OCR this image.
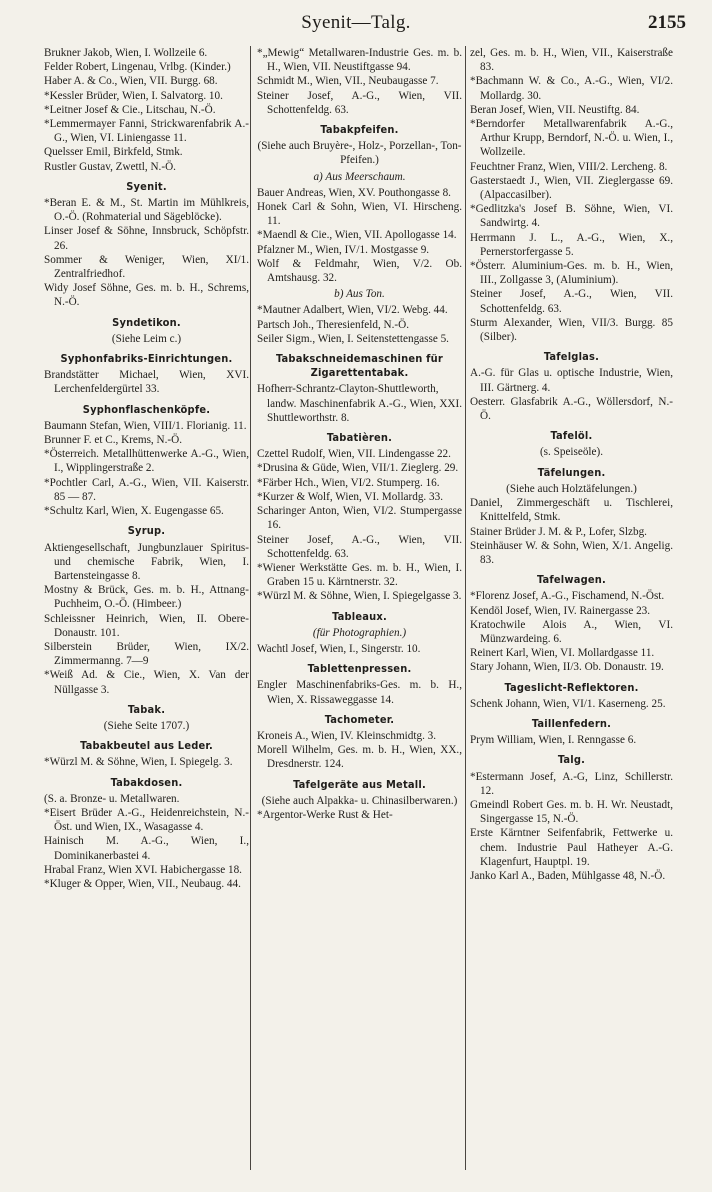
Syenit—Talg.	2155
Brukner Jakob, Wien, I. Wollzeile 6.
Felder Robert, Lingenau, Vrlbg. (Kinder.)
Haber A. & Co., Wien, VII. Burgg. 68.
*Kessler Brüder, Wien, I. Salvatorg. 10.
*Leitner Josef & Cie., Litschau, N.-Ö.
*Lemmermayer Fanni, Strickwarenfabrik A.-G., Wien, VI. Liniengasse 11.
Quelsser Emil, Birkfeld, Stmk.
Rustler Gustav, Zwettl, N.-Ö.
Syenit.
*Beran E. & M., St. Martin im Mühlkreis, O.-Ö. (Rohmaterial und Sägeblöcke).
Linser Josef & Söhne, Innsbruck, Schöpfstr. 26.
Sommer & Weniger, Wien, XI/1. Zentralfriedhof.
Widy Josef Söhne, Ges. m. b. H., Schrems, N.-Ö.
Syndetikon.
(Siehe Leim c.)
Syphonfabriks-Einrichtungen.
Brandstätter Michael, Wien, XVI. Lerchenfeldergürtel 33.
Syphonflaschenköpfe.
Baumann Stefan, Wien, VIII/1. Florianig. 11.
Brunner F. et C., Krems, N.-Ö.
*Österreich. Metallhüttenwerke A.-G., Wien, I., Wipplingerstraße 2.
*Pochtler Carl, A.-G., Wien, VII. Kaiserstr. 85 — 87.
*Schultz Karl, Wien, X. Eugengasse 65.
Syrup.
Aktiengesellschaft, Jungbunzlauer Spiritus- und chemische Fabrik, Wien, I. Bartensteingasse 8.
Mostny & Brück, Ges. m. b. H., Attnang-Puchheim, O.-Ö. (Himbeer.)
Schleissner Heinrich, Wien, II. Obere-Donaustr. 101.
Silberstein Brüder, Wien, IX/2. Zimmermanng. 7—9
*Weiß Ad. & Cie., Wien, X. Van der Nüllgasse 3.
Tabak.
(Siehe Seite 1707.)
Tabakbeutel aus Leder.
*Würzl M. & Söhne, Wien, I. Spiegelg. 3.
Tabakdosen.
(S. a. Bronze- u. Metallwaren.
*Eisert Brüder A.-G., Heidenreichstein, N.-Öst. und Wien, IX., Wasagasse 4.
Hainisch M. A.-G., Wien, I., Dominikanerbastei 4.
Hrabal Franz, Wien XVI. Habichergasse 18.
*Kluger & Opper, Wien, VII., Neubaug. 44.
*„Mewig“ Metallwaren-Industrie Ges. m. b. H., Wien, VII. Neustiftgasse 94.
Schmidt M., Wien, VII., Neubaugasse 7.
Steiner Josef, A.-G., Wien, VII. Schottenfeldg. 63.
Tabakpfeifen.
(Siehe auch Bruyère-, Holz-, Porzellan-, Ton-Pfeifen.)
a) Aus Meerschaum.
Bauer Andreas, Wien, XV. Pouthongasse 8.
Honek Carl & Sohn, Wien, VI. Hirscheng. 11.
*Maendl & Cie., Wien, VII. Apollogasse 14.
Pfalzner M., Wien, IV/1. Mostgasse 9.
Wolf & Feldmahr, Wien, V/2. Ob. Amtshausg. 32.
b) Aus Ton.
*Mautner Adalbert, Wien, VI/2. Webg. 44.
Partsch Joh., Theresienfeld, N.-Ö.
Seiler Sigm., Wien, I. Seitenstettengasse 5.
Tabakschneidemaschinen für Zigarettentabak.
Hofherr-Schrantz-Clayton-Shuttleworth, landw. Maschinenfabrik A.-G., Wien, XXI. Shuttleworthstr. 8.
Tabatièren.
Czettel Rudolf, Wien, VII. Lindengasse 22.
*Drusina & Güde, Wien, VII/1. Zieglerg. 29.
*Färber Hch., Wien, VI/2. Stumperg. 16.
*Kurzer & Wolf, Wien, VI. Mollardg. 33.
Scharinger Anton, Wien, VI/2. Stumpergasse 16.
Steiner Josef, A.-G., Wien, VII. Schottenfeldg. 63.
*Wiener Werkstätte Ges. m. b. H., Wien, I. Graben 15 u. Kärntnerstr. 32.
*Würzl M. & Söhne, Wien, I. Spiegelgasse 3.
Tableaux.
(für Photographien.)
Wachtl Josef, Wien, I., Singerstr. 10.
Tablettenpressen.
Engler Maschinenfabriks-Ges. m. b. H., Wien, X. Rissaweggasse 14.
Tachometer.
Kroneis A., Wien, IV. Kleinschmidtg. 3.
Morell Wilhelm, Ges. m. b. H., Wien, XX., Dresdnerstr. 124.
Tafelgeräte aus Metall.
(Siehe auch Alpakka- u. Chinasilberwaren.)
*Argentor-Werke Rust & Het-
zel, Ges. m. b. H., Wien, VII., Kaiserstraße 83.
*Bachmann W. & Co., A.-G., Wien, VI/2. Mollardg. 30.
Beran Josef, Wien, VII. Neustiftg. 84.
*Berndorfer Metallwarenfabrik A.-G., Arthur Krupp, Berndorf, N.-Ö. u. Wien, I., Wollzeile.
Feuchtner Franz, Wien, VIII/2. Lercheng. 8.
Gasterstaedt J., Wien, VII. Zieglergasse 69. (Alpaccasilber).
*Gedlitzka's Josef B. Söhne, Wien, VI. Sandwirtg. 4.
Herrmann J. L., A.-G., Wien, X., Pernerstorfergasse 5.
*Österr. Aluminium-Ges. m. b. H., Wien, III., Zollgasse 3, (Aluminium).
Steiner Josef, A.-G., Wien, VII. Schottenfeldg. 63.
Sturm Alexander, Wien, VII/3. Burgg. 85 (Silber).
Tafelglas.
A.-G. für Glas u. optische Industrie, Wien, III. Gärtnerg. 4.
Oesterr. Glasfabrik A.-G., Wöllersdorf, N.-Ö.
Tafelöl.
(s. Speiseöle).
Täfelungen.
(Siehe auch Holztäfelungen.)
Daniel, Zimmergeschäft u. Tischlerei, Knittelfeld, Stmk.
Stainer Brüder J. M. & P., Lofer, Slzbg.
Steinhäuser W. & Sohn, Wien, X/1. Angelig. 83.
Tafelwagen.
*Florenz Josef, A.-G., Fischamend, N.-Öst.
Kendöl Josef, Wien, IV. Rainergasse 23.
Kratochwile Alois A., Wien, VI. Münzwardeing. 6.
Reinert Karl, Wien, VI. Mollardgasse 11.
Stary Johann, Wien, II/3. Ob. Donaustr. 19.
Tageslicht-Reflektoren.
Schenk Johann, Wien, VI/1. Kaserneng. 25.
Taillenfedern.
Prym William, Wien, I. Renngasse 6.
Talg.
*Estermann Josef, A.-G, Linz, Schillerstr. 12.
Gmeindl Robert Ges. m. b. H. Wr. Neustadt, Singergasse 15, N.-Ö.
Erste Kärntner Seifenfabrik, Fettwerke u. chem. Industrie Paul Hatheyer A.-G. Klagenfurt, Hauptpl. 19.
Janko Karl A., Baden, Mühlgasse 48, N.-Ö.
